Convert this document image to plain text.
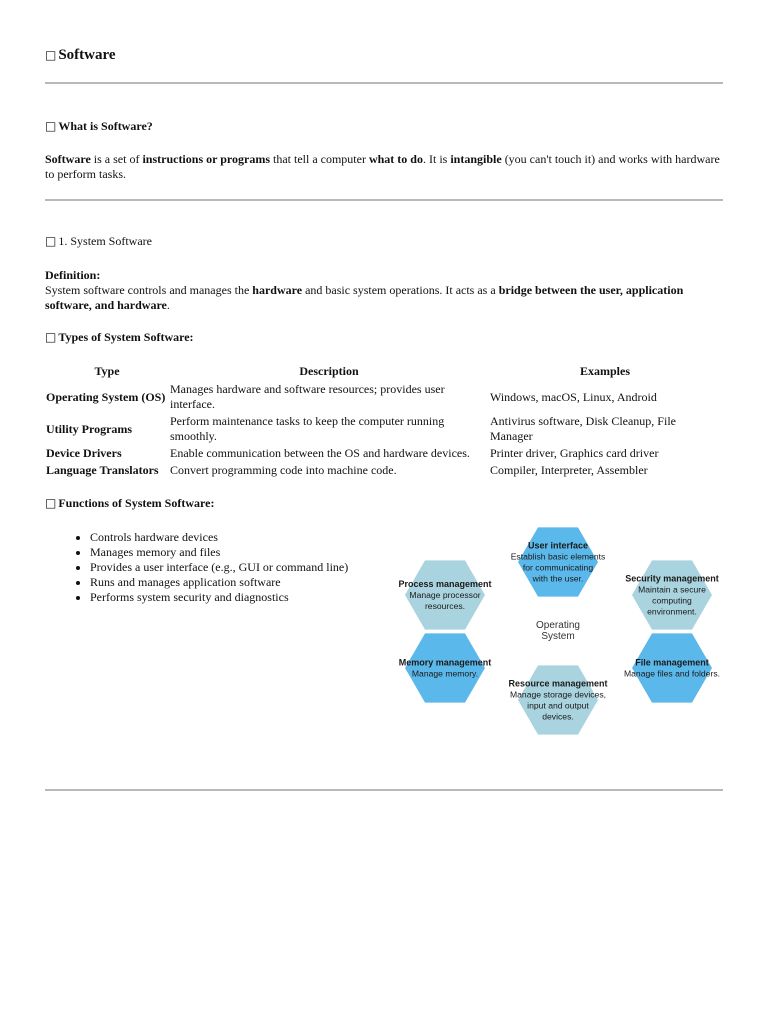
□ Software
□ What is Software?
Software is a set of instructions or programs that tell a computer what to do. It is intangible (you can't touch it) and works with hardware to perform tasks.
□ 1. System Software
Definition:
System software controls and manages the hardware and basic system operations. It acts as a bridge between the user, application software, and hardware.
□ Types of System Software:
Type	Description	Examples
Operating System (OS)	Manages hardware and software resources; provides user interface.	Windows, macOS, Linux, Android
Utility Programs	Perform maintenance tasks to keep the computer running smoothly.	Antivirus software, Disk Cleanup, File Manager
Device Drivers	Enable communication between the OS and hardware devices.	Printer driver, Graphics card driver
Language Translators	Convert programming code into machine code.	Compiler, Interpreter, Assembler
□ Functions of System Software:
• Controls hardware devices
• Manages memory and files
• Provides a user interface (e.g., GUI or command line)
• Runs and manages application software
• Performs system security and diagnostics
User interface
Establish basic elements
for communicating
with the user.	Security management
Maintain a secure
computing
environment.
File management
Manage files and folders.
Resource management
Manage storage devices,
input and output
devices.
Memory management
Manage memory.
Process management
Manage processor
resources.
Operating
System
